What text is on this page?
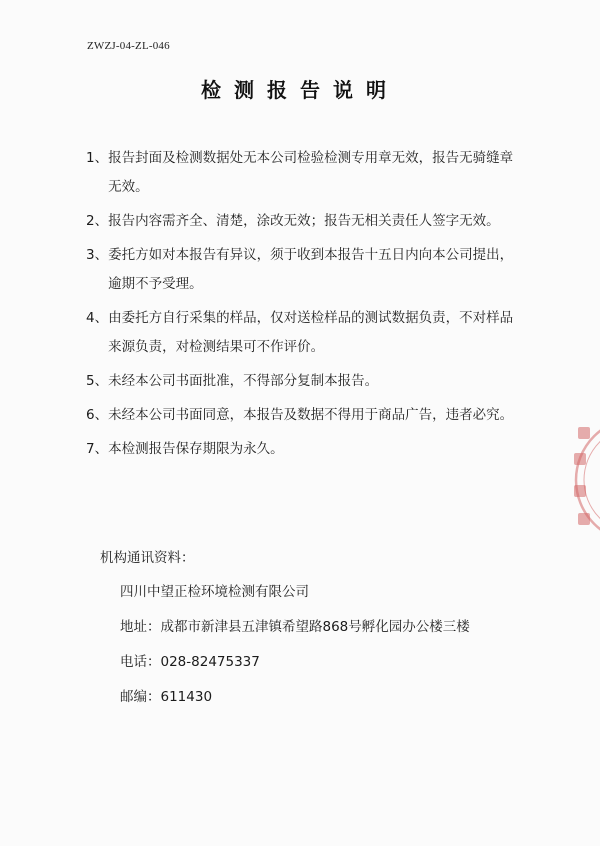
ZWZJ-04-ZL-046
检测报告说明
1、 报告封面及检测数据处无本公司检验检测专用章无效，报告无骑缝章无效。
2、 报告内容需齐全、清楚，涂改无效；报告无相关责任人签字无效。
3、 委托方如对本报告有异议，须于收到本报告十五日内向本公司提出，逾期不予受理。
4、 由委托方自行采集的样品，仅对送检样品的测试数据负责，不对样品来源负责，对检测结果可不作评价。
5、 未经本公司书面批准，不得部分复制本报告。
6、 未经本公司书面同意，本报告及数据不得用于商品广告，违者必究。
7、 本检测报告保存期限为永久。
机构通讯资料：
四川中望正检环境检测有限公司
地址：成都市新津县五津镇希望路868号孵化园办公楼三楼
电话：028-82475337
邮编：611430
